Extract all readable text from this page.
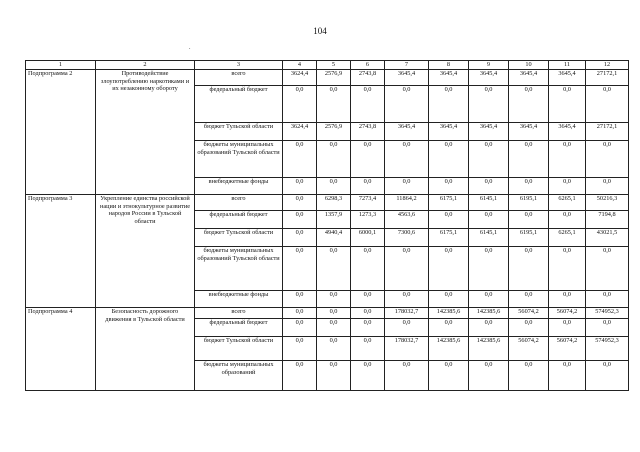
104
.
1	2	3	4	5	6	7	8	9	10	11	12
Подпрограмма 2	Противодействие злоупотреблению наркотиками и их незаконному обороту	всего	3624,4	2576,9	2743,8	3645,4	3645,4	3645,4	3645,4	3645,4	27172,1
		федеральный бюджет	0,0	0,0	0,0	0,0	0,0	0,0	0,0	0,0	0,0
		бюджет Тульской области	3624,4	2576,9	2743,8	3645,4	3645,4	3645,4	3645,4	3645,4	27172,1
		бюджеты муниципальных образований Тульской области	0,0	0,0	0,0	0,0	0,0	0,0	0,0	0,0	0,0
		внебюджетные фонды	0,0	0,0	0,0	0,0	0,0	0,0	0,0	0,0	0,0
Подпрограмма 3	Укрепление единства российской нации и этнокультурное развитие народов России в Тульской области	всего	0,0	6298,3	7273,4	11864,2	6175,1	6145,1	6195,1	6265,1	50216,3
		федеральный бюджет	0,0	1357,9	1273,3	4563,6	0,0	0,0	0,0	0,0	7194,8
		бюджет Тульской области	0,0	4940,4	6000,1	7300,6	6175,1	6145,1	6195,1	6265,1	43021,5
		бюджеты муниципальных образований Тульской области	0,0	0,0	0,0	0,0	0,0	0,0	0,0	0,0	0,0
		внебюджетные фонды	0,0	0,0	0,0	0,0	0,0	0,0	0,0	0,0	0,0
Подпрограмма 4	Безопасность дорожного движения в Тульской области	всего	0,0	0,0	0,0	178032,7	142385,6	142385,6	56074,2	56074,2	574952,3
		федеральный бюджет	0,0	0,0	0,0	0,0	0,0	0,0	0,0	0,0	0,0
		бюджет Тульской области	0,0	0,0	0,0	178032,7	142385,6	142385,6	56074,2	56074,2	574952,3
		бюджеты муниципальных образований	0,0	0,0	0,0	0,0	0,0	0,0	0,0	0,0	0,0
